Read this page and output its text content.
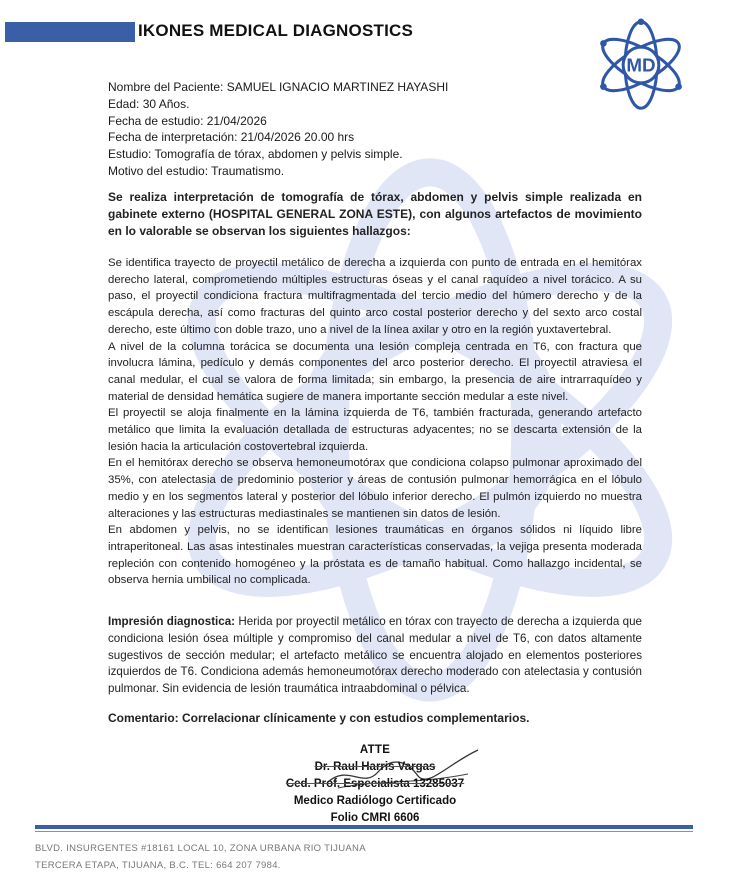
IKONES MEDICAL DIAGNOSTICS
MD
Nombre del Paciente: SAMUEL IGNACIO MARTINEZ HAYASHI
Edad: 30 Años.
Fecha de estudio: 21/04/2026
Fecha de interpretación: 21/04/2026 20.00 hrs
Estudio: Tomografía de tórax, abdomen y pelvis simple.
Motivo del estudio: Traumatismo.
Se realiza interpretación de tomografía de tórax, abdomen y pelvis simple realizada en gabinete externo (HOSPITAL GENERAL ZONA ESTE), con algunos artefactos de movimiento en lo valorable se observan los siguientes hallazgos:

Se identifica trayecto de proyectil metálico de derecha a izquierda con punto de entrada en el hemitórax derecho lateral, comprometiendo múltiples estructuras óseas y el canal raquídeo a nivel torácico. A su paso, el proyectil condiciona fractura multifragmentada del tercio medio del húmero derecho y de la escápula derecha, así como fracturas del quinto arco costal posterior derecho y del sexto arco costal derecho, este último con doble trazo, uno a nivel de la línea axilar y otro en la región yuxtavertebral.

A nivel de la columna torácica se documenta una lesión compleja centrada en T6, con fractura que involucra lámina, pedículo y demás componentes del arco posterior derecho. El proyectil atraviesa el canal medular, el cual se valora de forma limitada; sin embargo, la presencia de aire intrarraquídeo y material de densidad hemática sugiere de manera importante sección medular a este nivel.

El proyectil se aloja finalmente en la lámina izquierda de T6, también fracturada, generando artefacto metálico que limita la evaluación detallada de estructuras adyacentes; no se descarta extensión de la lesión hacia la articulación costovertebral izquierda.

En el hemitórax derecho se observa hemoneumotórax que condiciona colapso pulmonar aproximado del 35%, con atelectasia de predominio posterior y áreas de contusión pulmonar hemorrágica en el lóbulo medio y en los segmentos lateral y posterior del lóbulo inferior derecho. El pulmón izquierdo no muestra alteraciones y las estructuras mediastinales se mantienen sin datos de lesión.

En abdomen y pelvis, no se identifican lesiones traumáticas en órganos sólidos ni líquido libre intraperitoneal. Las asas intestinales muestran características conservadas, la vejiga presenta moderada repleción con contenido homogéneo y la próstata es de tamaño habitual. Como hallazgo incidental, se observa hernia umbilical no complicada.

Impresión diagnostica: Herida por proyectil metálico en tórax con trayecto de derecha a izquierda que condiciona lesión ósea múltiple y compromiso del canal medular a nivel de T6, con datos altamente sugestivos de sección medular; el artefacto metálico se encuentra alojado en elementos posteriores izquierdos de T6. Condiciona además hemoneumotórax derecho moderado con atelectasia y contusión pulmonar. Sin evidencia de lesión traumática intraabdominal o pélvica.
Comentario: Correlacionar clínicamente y con estudios complementarios.
ATTE
Dr. Raul Harris Vargas
Ced. Prof. Especialista 13285037
Medico Radiólogo Certificado
Folio CMRI 6606
BLVD. INSURGENTES #18161 LOCAL 10, ZONA URBANA RIO TIJUANA
TERCERA ETAPA, TIJUANA, B.C. TEL: 664 207 7984.
